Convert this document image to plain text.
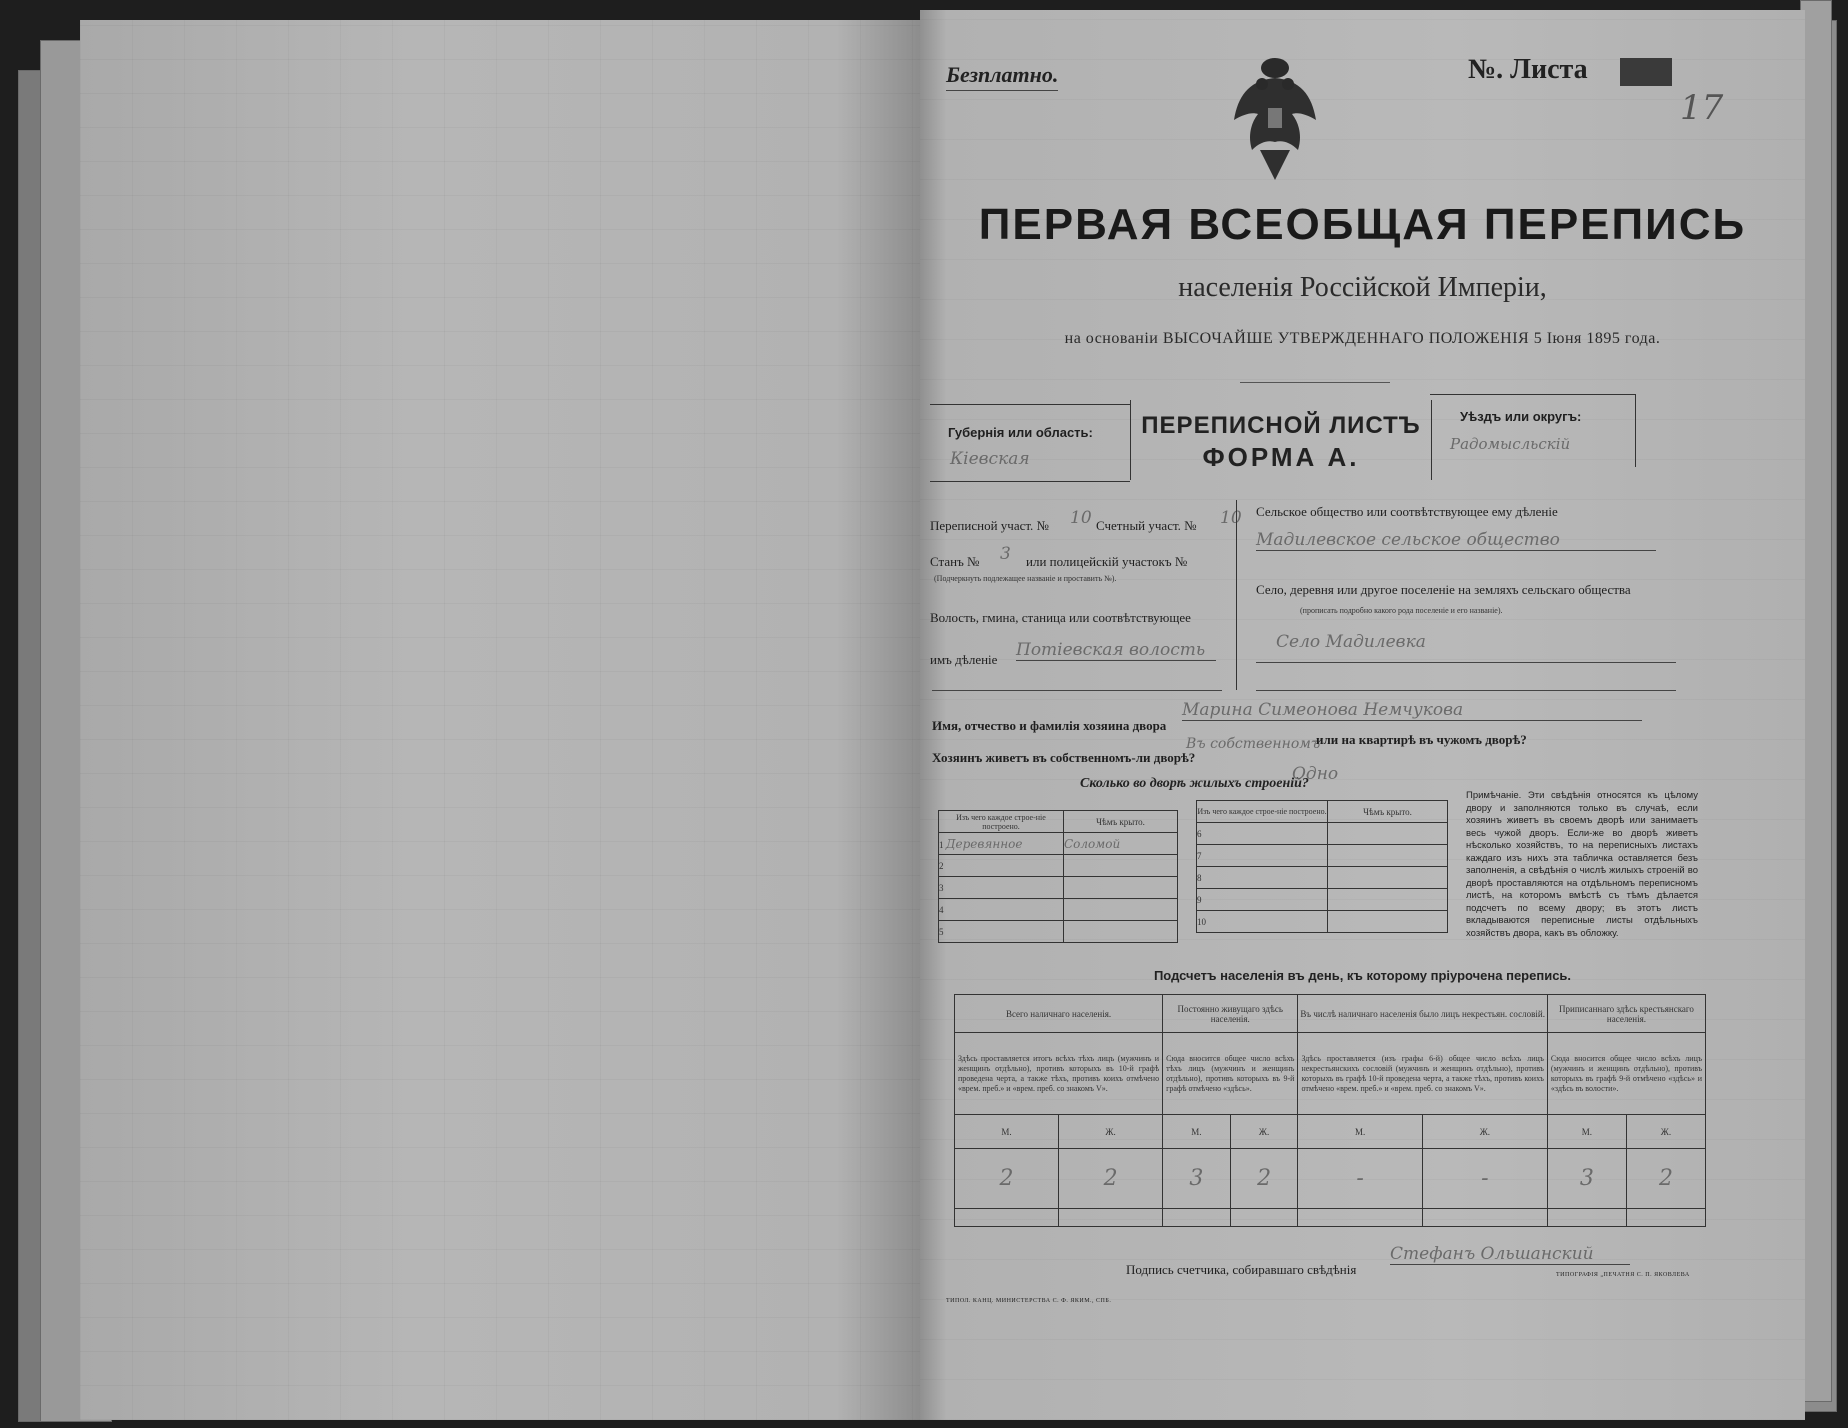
Безплатно.	№. Листа
17
ПЕРВАЯ ВСЕОБЩАЯ ПЕРЕПИСЬ
населенія Россійской Имперіи,
на основаніи ВЫСОЧАЙШЕ УТВЕРЖДЕННАГО ПОЛОЖЕНІЯ 5 Іюня 1895 года.
Губернія или область:
Кіевская
ПЕРЕПИСНОЙ ЛИСТЪ
ФОРМА А.
Уѣздъ или округъ:
Радомысльскій
Переписной участ. № 10 Счетный участ. № 10
Станъ № 3 или полицейскій участокъ №
(Подчеркнуть подлежащее названіе и проставить №).
Волость, гмина, станица или соотвѣтствующее
имъ дѣленіе Потіевская волость
Сельское общество или соотвѣтствующее ему дѣленіе
Мадилевское сельское общество
Село, деревня или другое поселеніе на земляхъ сельскаго общества
(прописать подробно какого рода поселеніе и его названіе).
Село Мадилевка
Имя, отчество и фамилія хозяина двора
Марина Симеонова Немчукова
Хозяинъ живетъ въ собственномъ-ли дворѣ?
Въ собственномъ
или на квартирѣ въ чужомъ дворѣ?
Сколько во дворѣ жилыхъ строеній?
Одно
Изъ чего каждое строе-ніе построено.	Чѣмъ крыто.
1 Деревянное	Соломой
2	
3	
4	
5	
Изъ чего каждое строе-ніе построено.	Чѣмъ крыто.
6	
7	
8	
9	
10	
Примѣчаніе. Эти свѣдѣнія относятся къ цѣлому двору и заполняются только въ случаѣ, если хозяинъ живетъ въ своемъ дворѣ или занимаетъ весь чужой дворъ. Если-же во дворѣ живетъ нѣсколько хозяйствъ, то на переписныхъ листахъ каждаго изъ нихъ эта табличка оставляется безъ заполненія, а свѣдѣнія о числѣ жилыхъ строеній во дворѣ проставляются на отдѣльномъ переписномъ листѣ, на которомъ вмѣстѣ съ тѣмъ дѣлается подсчетъ по всему двору; въ этотъ листъ вкладываются переписные листы отдѣльныхъ хозяйствъ двора, какъ въ обложку.
Подсчетъ населенія въ день, къ которому пріурочена перепись.
Всего наличнаго населенія.		Постоянно живущаго здѣсь населенія.		Въ числѣ наличнаго населенія было лицъ некрестьян. сословій.		Приписаннаго здѣсь крестьянскаго населенія.	
Здѣсь проставляется итогъ всѣхъ тѣхъ лицъ (мужчинъ и женщинъ отдѣльно), противъ которыхъ въ 10-й графѣ проведена черта, а также тѣхъ, противъ коихъ отмѣчено «врем. преб.» и «врем. преб. со знакомъ V».		Сюда вносится общее число всѣхъ тѣхъ лицъ (мужчинъ и женщинъ отдѣльно), противъ которыхъ въ 9-й графѣ отмѣчено «здѣсь».		Здѣсь проставляется (изъ графы 6-й) общее число всѣхъ лицъ некрестьянскихъ сословій (мужчинъ и женщинъ отдѣльно), противъ которыхъ въ графѣ 10-й проведена черта, а также тѣхъ, противъ коихъ отмѣчено «врем. преб.» и «врем. преб. со знакомъ V».		Сюда вносится общее число всѣхъ лицъ (мужчинъ и женщинъ отдѣльно), противъ которыхъ въ графѣ 9-й отмѣчено «здѣсь» и «здѣсь въ волости».	
М.	Ж.	М.	Ж.	М.	Ж.	М.	Ж.
2	2	3	2	-	-	3	2

Подпись счетчика, собиравшаго свѣдѣнія
Стефанъ Ольшанский
ТИПОЛ. КАНЦ. МИНИСТЕРСТВА С. Ф. ЯКИМ., СПБ.
ТИПОГРАФІЯ „ПЕЧАТНЯ С. П. ЯКОВЛЕВА
